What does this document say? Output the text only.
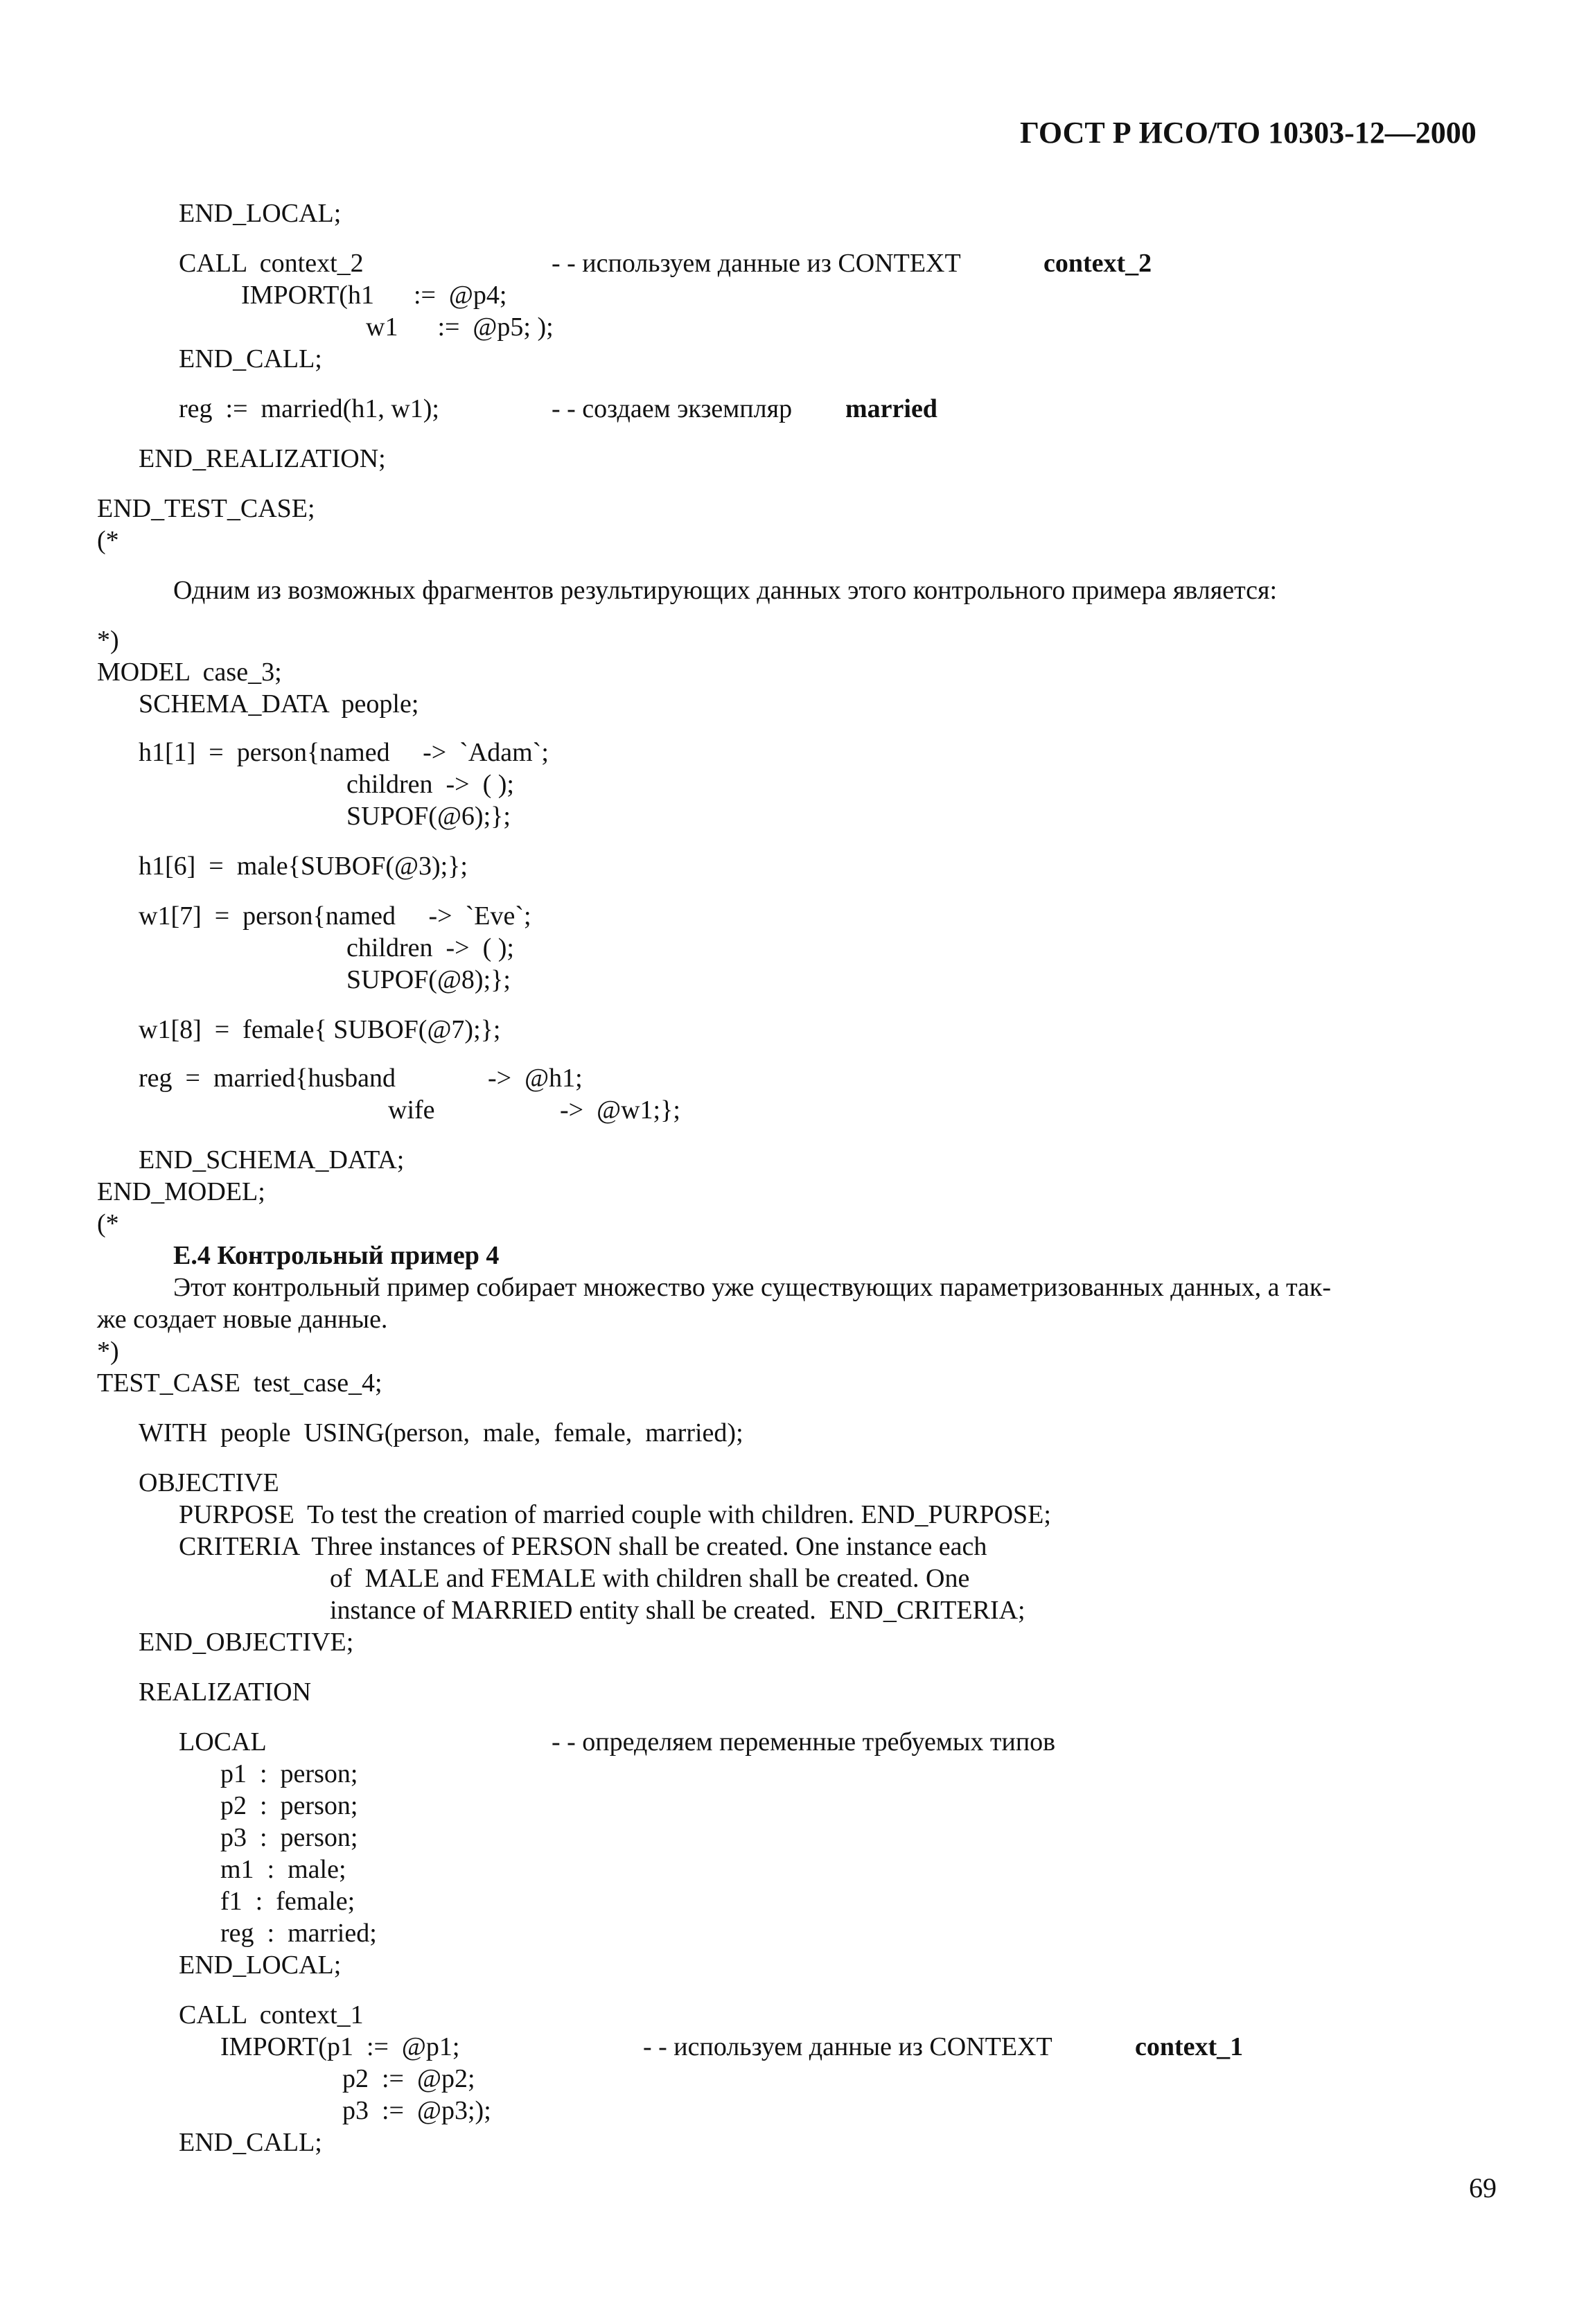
ГОСТ Р ИСО/ТО 10303-12—2000
END_LOCAL;
CALL  context_2	- - используем данные из CONTEXT	context_2
IMPORT(h1      :=  @p4;
w1      :=  @p5; );
END_CALL;
reg  :=  married(h1, w1);	- - создаем экземпляр married
END_REALIZATION;
END_TEST_CASE;
(*
Одним из возможных фрагментов результирующих данных этого контрольного примера является:
*)
MODEL  case_3;
SCHEMA_DATA  people;
h1[1]  =  person{named     ->  `Adam`;
children  ->  ( );
SUPOF(@6);};
h1[6]  =  male{SUBOF(@3);};
w1[7]  =  person{named     ->  `Eve`;
children  ->  ( );
SUPOF(@8);};
w1[8]  =  female{ SUBOF(@7);};
reg  =  married{husband              ->  @h1;
wife                   ->  @w1;};
END_SCHEMA_DATA;
END_MODEL;
(*
Е.4 Контрольный пример 4
Этот контрольный пример собирает множество уже существующих параметризованных данных, а так-
же создает новые данные.
*)
TEST_CASE  test_case_4;
WITH  people  USING(person,  male,  female,  married);
OBJECTIVE
PURPOSE  To test the creation of married couple with children. END_PURPOSE;
CRITERIA  Three instances of PERSON shall be created. One instance each
of  MALE and FEMALE with children shall be created. One
instance of MARRIED entity shall be created.  END_CRITERIA;
END_OBJECTIVE;
REALIZATION
LOCAL	- - определяем переменные требуемых типов
p1  :  person;
p2  :  person;
p3  :  person;
m1  :  male;
f1  :  female;
reg  :  married;
END_LOCAL;
CALL  context_1
IMPORT(p1  :=  @p1;	- - используем данные из CONTEXT	context_1
p2  :=  @p2;
p3  :=  @p3;);
END_CALL;
69
